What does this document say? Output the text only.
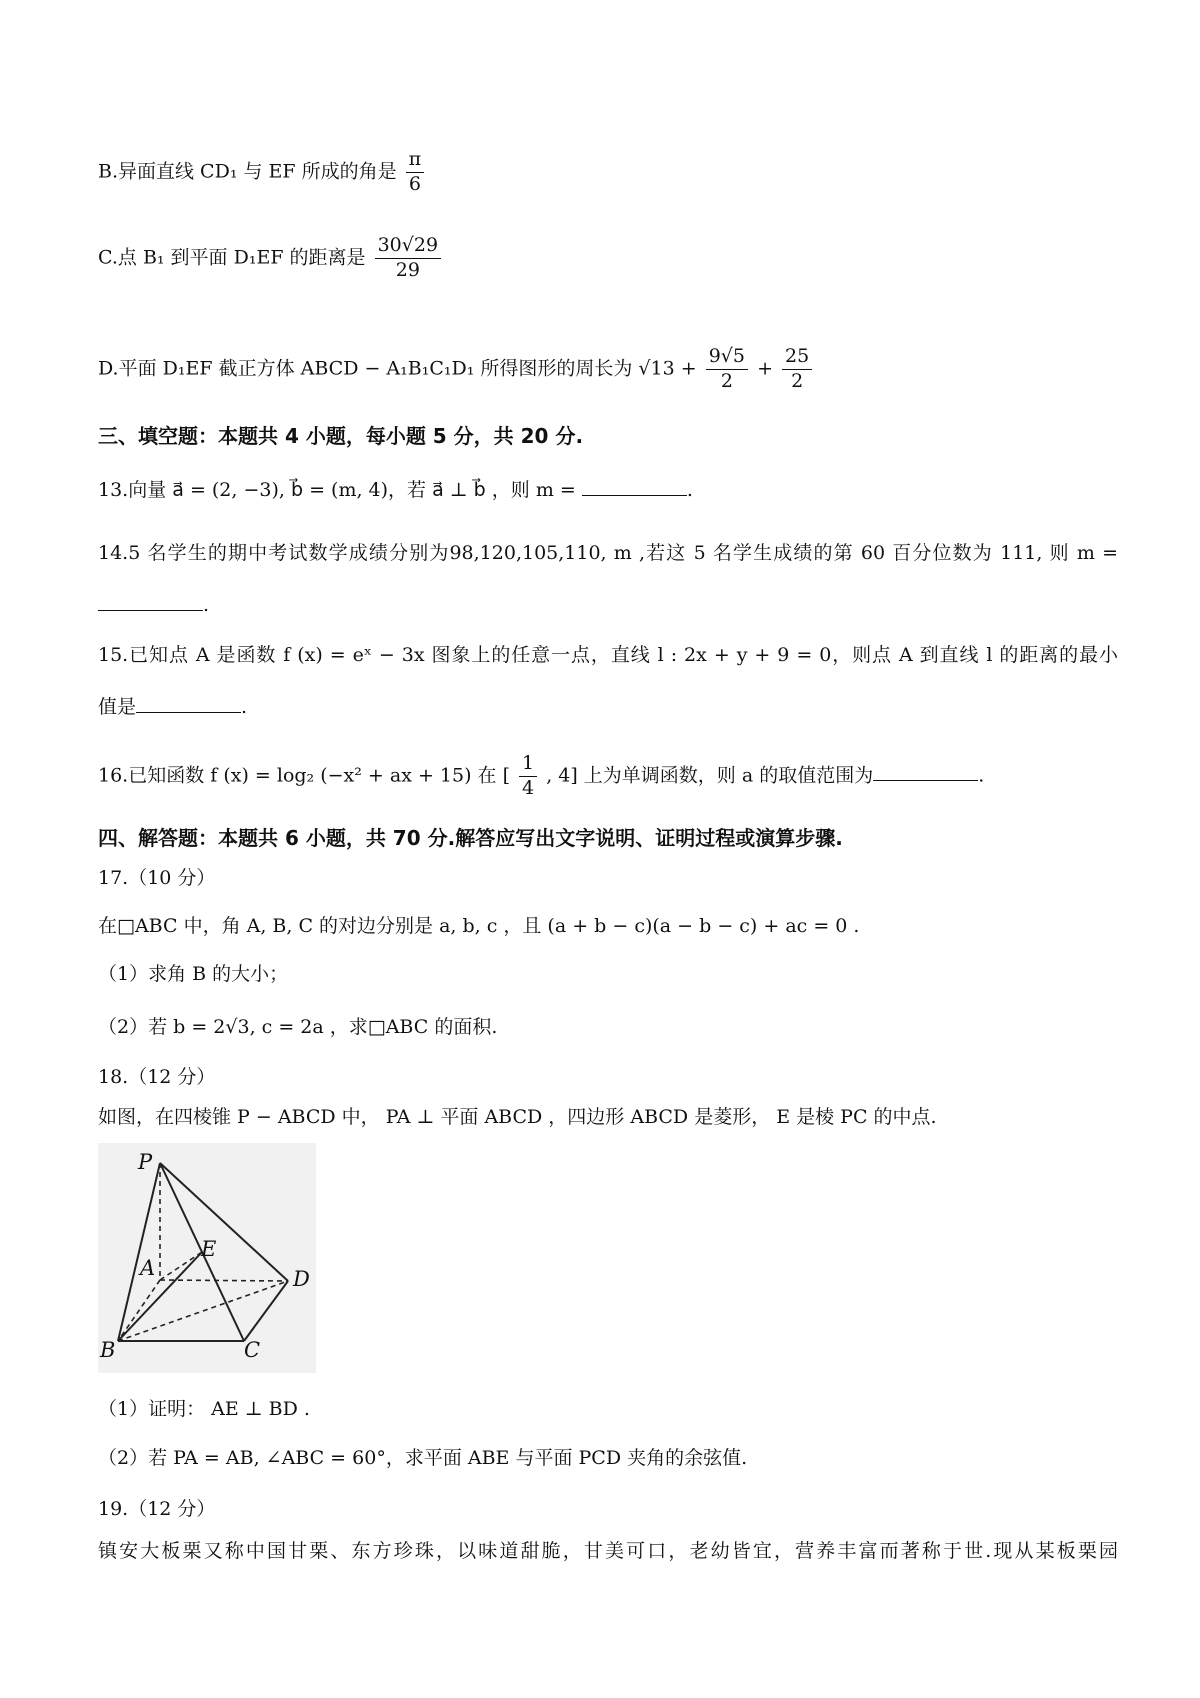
B.异面直线 CD₁ 与 EF 所成的角是 $\frac{\pi}{6}$
C.点 B₁ 到平面 D₁EF 的距离是 $\frac{30√29}{29}$
D.平面 D₁EF 截正方体 ABCD − A₁B₁C₁D₁ 所得图形的周长为 $√13 + \frac{9√5}{2} + \frac{25}{2}$
三、填空题：本题共 4 小题，每小题 5 分，共 20 分.
13.向量 a⃗ = (2, −3), b⃗ = (m, 4)，若 a⃗ ⊥ b⃗ ，则 m =	.
14.5 名学生的期中考试数学成绩分别为98,120,105,110, m ,若这 5 名学生成绩的第 60 百分位数为 111, 则 m =
.
15.已知点 A 是函数 f (x) = eˣ − 3x 图象上的任意一点，直线 l : 2x + y + 9 = 0，则点 A 到直线 l 的距离的最小
值是	.
16.已知函数 f (x) = log₂ (−x² + ax + 15) 在 [ $\frac{1}{4}$ , 4] 上为单调函数，则 a 的取值范围为	.
四、解答题：本题共 6 小题，共 70 分.解答应写出文字说明、证明过程或演算步骤.
17.（10 分）
在□ABC 中，角 A, B, C 的对边分别是 a, b, c ，且 (a + b − c)(a − b − c) + ac = 0 .
（1）求角 B 的大小；
（2）若 b = 2√3, c = 2a ，求□ABC 的面积.
18.（12 分）
如图，在四棱锥 P − ABCD 中， PA ⊥ 平面 ABCD ，四边形 ABCD 是菱形， E 是棱 PC 的中点.
P
A
E
D
B	C
（1）证明： AE ⊥ BD .
（2）若 PA = AB, ∠ABC = 60°，求平面 ABE 与平面 PCD 夹角的余弦值.
19.（12 分）
镇安大板栗又称中国甘栗、东方珍珠，以味道甜脆，甘美可口，老幼皆宜，营养丰富而著称于世.现从某板栗园
